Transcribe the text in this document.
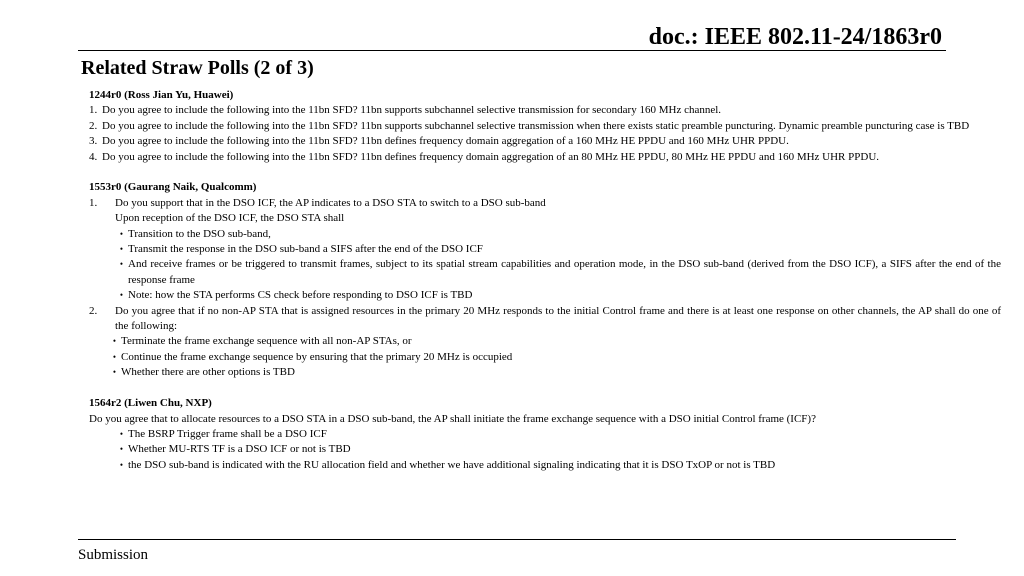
doc.: IEEE 802.11-24/1863r0
Related Straw Polls (2 of 3)
1244r0 (Ross Jian Yu, Huawei)
1. Do you agree to include the following into the 11bn SFD? 11bn supports subchannel selective transmission for secondary 160 MHz channel.
2. Do you agree to include the following into the 11bn SFD? 11bn supports subchannel selective transmission when there exists static preamble puncturing. Dynamic preamble puncturing case is TBD
3. Do you agree to include the following into the 11bn SFD? 11bn defines frequency domain aggregation of a 160 MHz HE PPDU and 160 MHz UHR PPDU.
4. Do you agree to include the following into the 11bn SFD? 11bn defines frequency domain aggregation of an 80 MHz HE PPDU, 80 MHz HE PPDU and 160 MHz UHR PPDU.
1553r0 (Gaurang Naik, Qualcomm)
1.	Do you support that in the DSO ICF, the AP indicates to a DSO STA to switch to a DSO sub-band
Upon reception of the DSO ICF, the DSO STA shall
• Transition to the DSO sub-band,
• Transmit the response in the DSO sub-band a SIFS after the end of the DSO ICF
• And receive frames or be triggered to transmit frames, subject to its spatial stream capabilities and operation mode, in the DSO sub-band (derived from the DSO ICF), a SIFS after the end of the response frame
• Note: how the STA performs CS check before responding to DSO ICF is TBD
2.	Do you agree that if no non-AP STA that is assigned resources in the primary 20 MHz responds to the initial Control frame and there is at least one response on other channels, the AP shall do one of the following:
• Terminate the frame exchange sequence with all non-AP STAs, or
• Continue the frame exchange sequence by ensuring that the primary 20 MHz is occupied
• Whether there are other options is TBD
1564r2 (Liwen Chu, NXP)
Do you agree that to allocate resources to a DSO STA in a DSO sub-band, the AP shall initiate the frame exchange sequence with a DSO initial Control frame (ICF)?
• The BSRP Trigger frame shall be a DSO ICF
• Whether MU-RTS TF is a DSO ICF or not is TBD
• the DSO sub-band is indicated with the RU allocation field and whether we have additional signaling indicating that it is DSO TxOP or not is TBD
Submission
